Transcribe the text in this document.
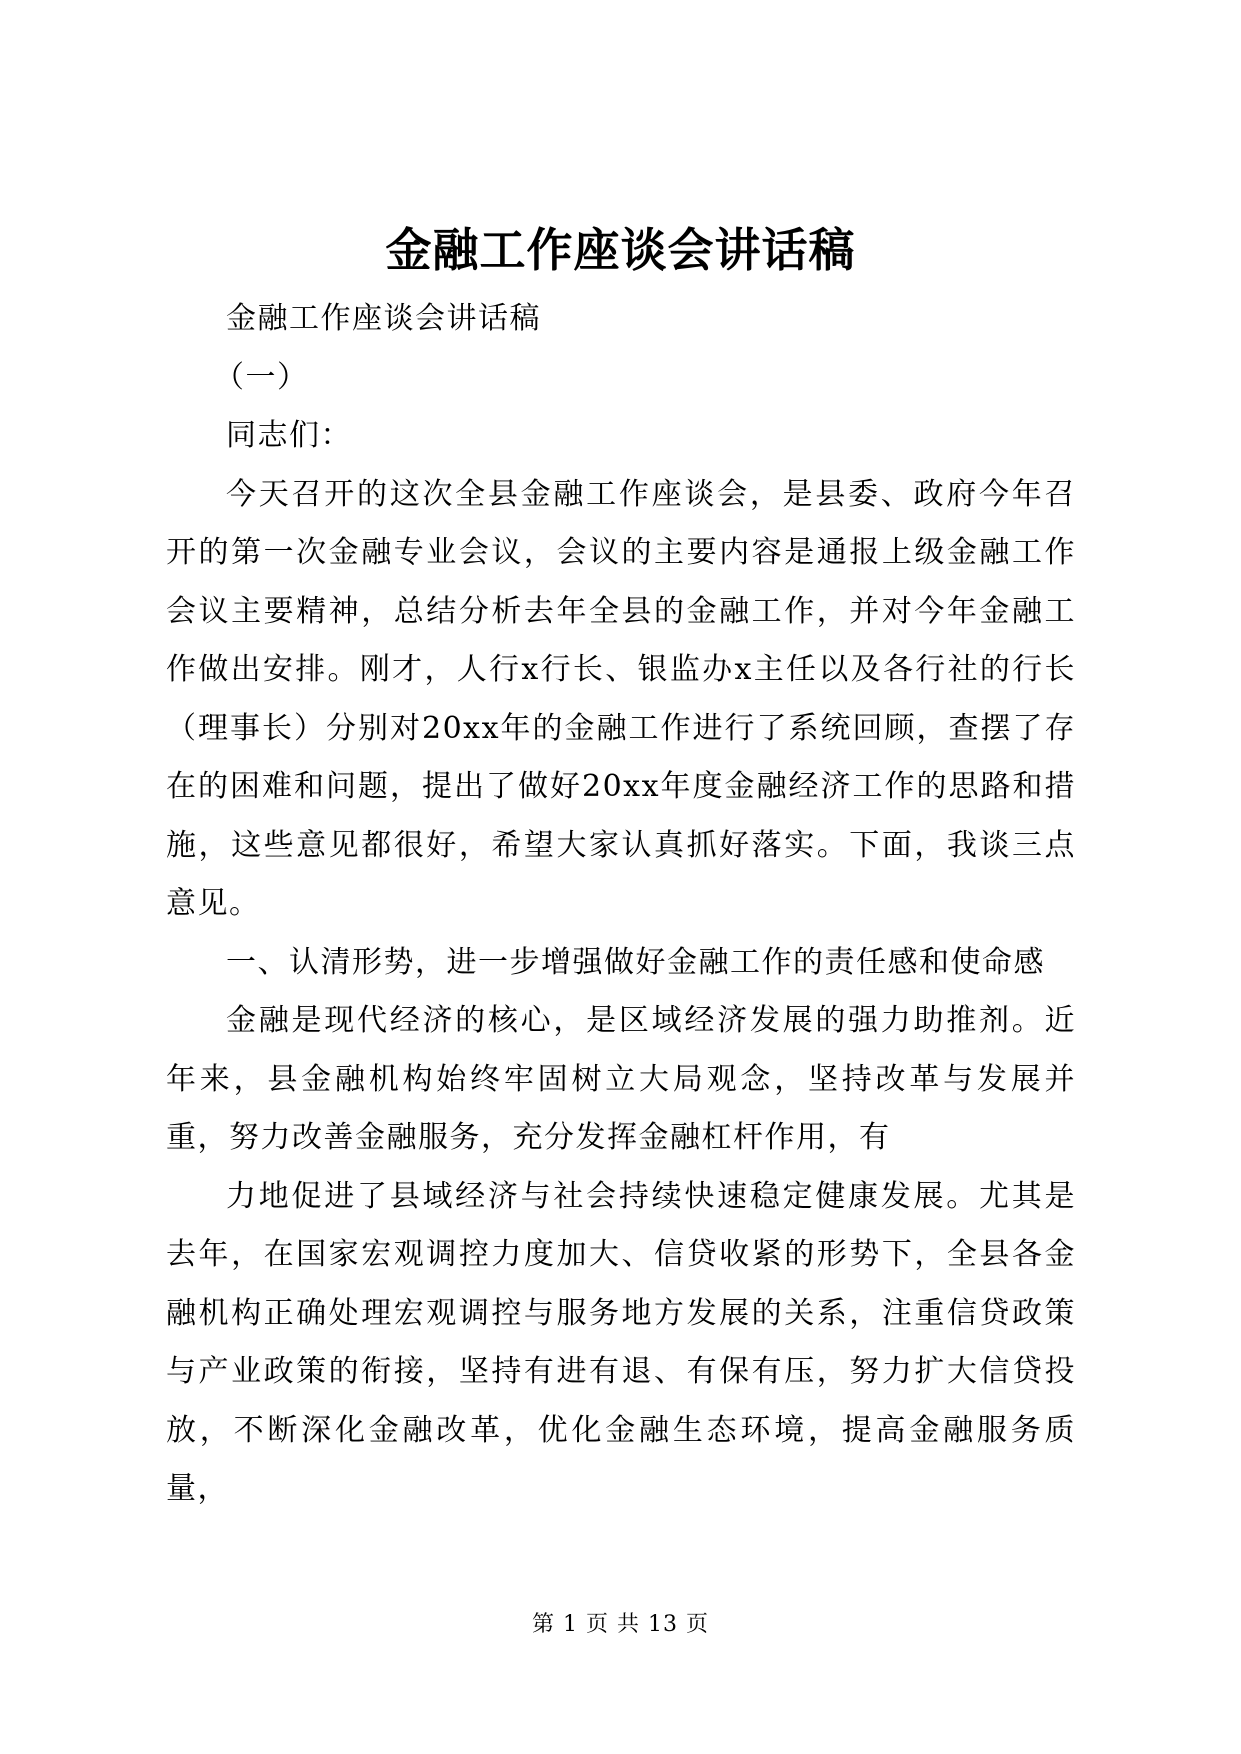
金融工作座谈会讲话稿

金融工作座谈会讲话稿

（一）

同志们：

今天召开的这次全县金融工作座谈会，是县委、政府今年召开的第一次金融专业会议，会议的主要内容是通报上级金融工作会议主要精神，总结分析去年全县的金融工作，并对今年金融工作做出安排。刚才，人行x行长、银监办x主任以及各行社的行长（理事长）分别对20xx年的金融工作进行了系统回顾，查摆了存在的困难和问题，提出了做好20xx年度金融经济工作的思路和措施，这些意见都很好，希望大家认真抓好落实。下面，我谈三点意见。

一、认清形势，进一步增强做好金融工作的责任感和使命感

金融是现代经济的核心，是区域经济发展的强力助推剂。近年来，县金融机构始终牢固树立大局观念，坚持改革与发展并重，努力改善金融服务，充分发挥金融杠杆作用，有

力地促进了县域经济与社会持续快速稳定健康发展。尤其是去年，在国家宏观调控力度加大、信贷收紧的形势下，全县各金融机构正确处理宏观调控与服务地方发展的关系，注重信贷政策与产业政策的衔接，坚持有进有退、有保有压，努力扩大信贷投放，不断深化金融改革，优化金融生态环境，提高金融服务质量，

第 1 页 共 13 页
